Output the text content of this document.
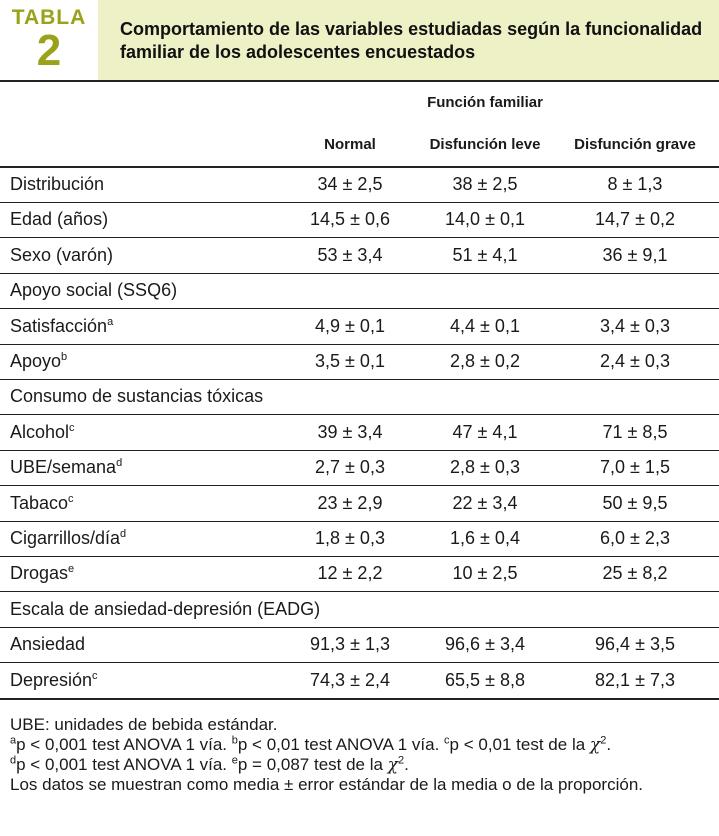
TABLA
2	Comportamiento de las variables estudiadas según la funcionalidad familiar de los adolescentes encuestados
Función familiar
Normal	Disfunción leve	Disfunción grave
Distribución	34 ± 2,5	38 ± 2,5	8 ± 1,3
Edad (años)	14,5 ± 0,6	14,0 ± 0,1	14,7 ± 0,2
Sexo (varón)	53 ± 3,4	51 ± 4,1	36 ± 9,1
Apoyo social (SSQ6)
Satisfacción$^a$	4,9 ± 0,1	4,4 ± 0,1	3,4 ± 0,3
Apoyo$^b$	3,5 ± 0,1	2,8 ± 0,2	2,4 ± 0,3
Consumo de sustancias tóxicas
Alcohol$^c$	39 ± 3,4	47 ± 4,1	71 ± 8,5
UBE/semana$^d$	2,7 ± 0,3	2,8 ± 0,3	7,0 ± 1,5
Tabaco$^c$	23 ± 2,9	22 ± 3,4	50 ± 9,5
Cigarrillos/día$^d$	1,8 ± 0,3	1,6 ± 0,4	6,0 ± 2,3
Drogas$^e$	12 ± 2,2	10 ± 2,5	25 ± 8,2
Escala de ansiedad-depresión (EADG)
Ansiedad	91,3 ± 1,3	96,6 ± 3,4	96,4 ± 3,5
Depresión$^c$	74,3 ± 2,4	65,5 ± 8,8	82,1 ± 7,3

UBE: unidades de bebida estándar.

$^a$p < 0,001 test ANOVA 1 vía. $^b$p < 0,01 test ANOVA 1 vía. $^c$p < 0,01 test de la $\chi^2$.

$^d$p < 0,001 test ANOVA 1 vía. $^e$p = 0,087 test de la $\chi^2$.

Los datos se muestran como media ± error estándar de la media o de la proporción.
